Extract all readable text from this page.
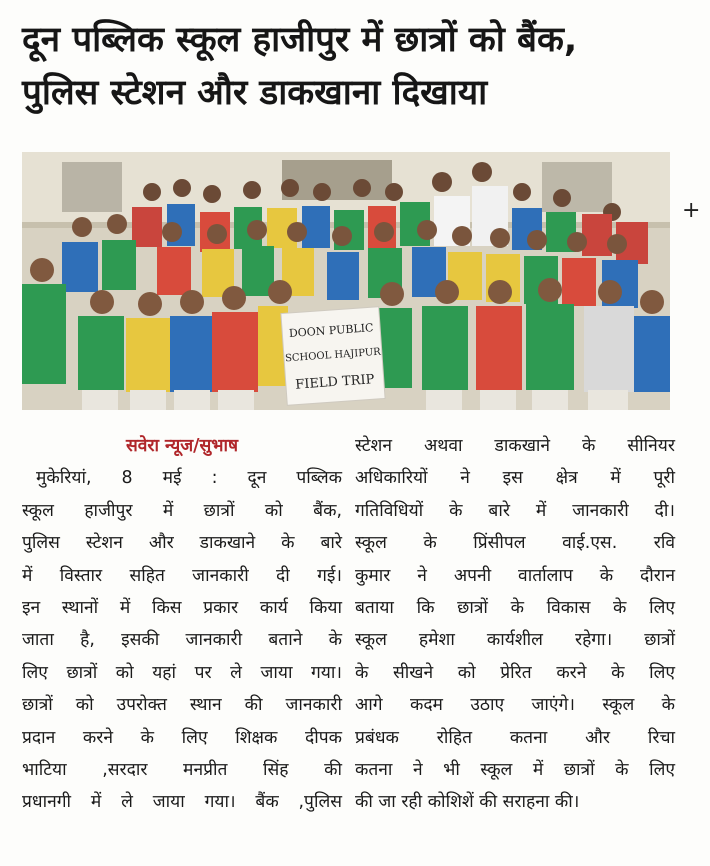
दून पब्लिक स्कूल हाजीपुर में छात्रों को बैंक,
पुलिस स्टेशन और डाकखाना दिखाया
DOON PUBLIC
SCHOOL HAJIPUR
FIELD TRIP
+
सवेरा न्यूज/सुभाष
मुकेरियां, 8 मई : दून पब्लिक
स्कूल हाजीपुर में छात्रों को बैंक,
पुलिस स्टेशन और डाकखाने के बारे
में विस्तार सहित जानकारी दी गई।
इन स्थानों में किस प्रकार कार्य किया
जाता है, इसकी जानकारी बताने के
लिए छात्रों को यहां पर ले जाया गया।
छात्रों को उपरोक्त स्थान की जानकारी
प्रदान करने के लिए शिक्षक दीपक
भाटिया ,सरदार मनप्रीत सिंह की
प्रधानगी में ले जाया गया। बैंक ,पुलिस
स्टेशन अथवा डाकखाने के सीनियर
अधिकारियों ने इस क्षेत्र में पूरी
गतिविधियों के बारे में जानकारी दी।
स्कूल के प्रिंसीपल वाई.एस. रवि
कुमार ने अपनी वार्तालाप के दौरान
बताया कि छात्रों के विकास के लिए
स्कूल हमेशा कार्यशील रहेगा। छात्रों
के सीखने को प्रेरित करने के लिए
आगे कदम उठाए जाएंगे। स्कूल के
प्रबंधक रोहित कतना और रिचा
कतना ने भी स्कूल में छात्रों के लिए
की जा रही कोशिशें की सराहना की।
